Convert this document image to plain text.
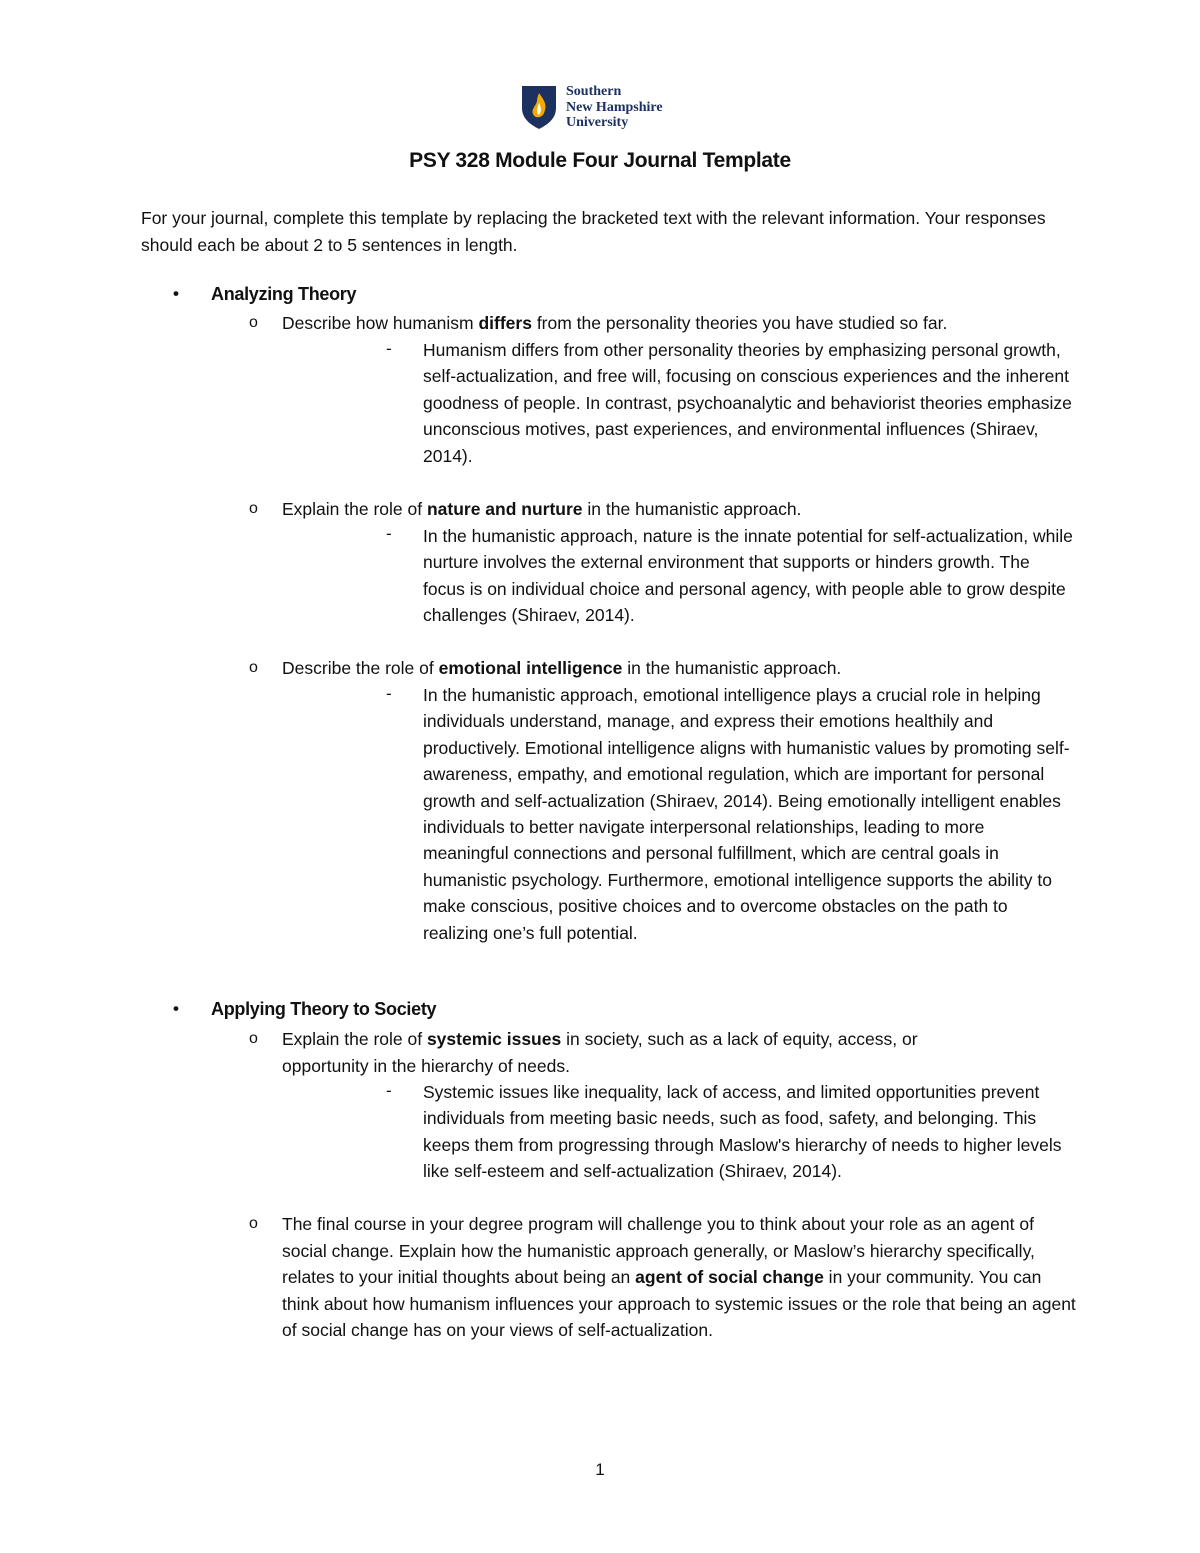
Southern
New Hampshire
University
PSY 328 Module Four Journal Template
For your journal, complete this template by replacing the bracketed text with the relevant information. Your responses should each be about 2 to 5 sentences in length.
• Analyzing Theory
o Describe how humanism differs from the personality theories you have studied so far.
- Humanism differs from other personality theories by emphasizing personal growth, self-actualization, and free will, focusing on conscious experiences and the inherent goodness of people. In contrast, psychoanalytic and behaviorist theories emphasize unconscious motives, past experiences, and environmental influences (Shiraev, 2014).
o Explain the role of nature and nurture in the humanistic approach.
- In the humanistic approach, nature is the innate potential for self-actualization, while nurture involves the external environment that supports or hinders growth. The focus is on individual choice and personal agency, with people able to grow despite challenges (Shiraev, 2014).
o Describe the role of emotional intelligence in the humanistic approach.
- In the humanistic approach, emotional intelligence plays a crucial role in helping individuals understand, manage, and express their emotions healthily and productively. Emotional intelligence aligns with humanistic values by promoting self-awareness, empathy, and emotional regulation, which are important for personal growth and self-actualization (Shiraev, 2014). Being emotionally intelligent enables individuals to better navigate interpersonal relationships, leading to more meaningful connections and personal fulfillment, which are central goals in humanistic psychology. Furthermore, emotional intelligence supports the ability to make conscious, positive choices and to overcome obstacles on the path to realizing one’s full potential.
• Applying Theory to Society
o Explain the role of systemic issues in society, such as a lack of equity, access, or opportunity in the hierarchy of needs.
- Systemic issues like inequality, lack of access, and limited opportunities prevent individuals from meeting basic needs, such as food, safety, and belonging. This keeps them from progressing through Maslow's hierarchy of needs to higher levels like self-esteem and self-actualization (Shiraev, 2014).
o The final course in your degree program will challenge you to think about your role as an agent of social change. Explain how the humanistic approach generally, or Maslow’s hierarchy specifically, relates to your initial thoughts about being an agent of social change in your community. You can think about how humanism influences your approach to systemic issues or the role that being an agent of social change has on your views of self-actualization.
1
